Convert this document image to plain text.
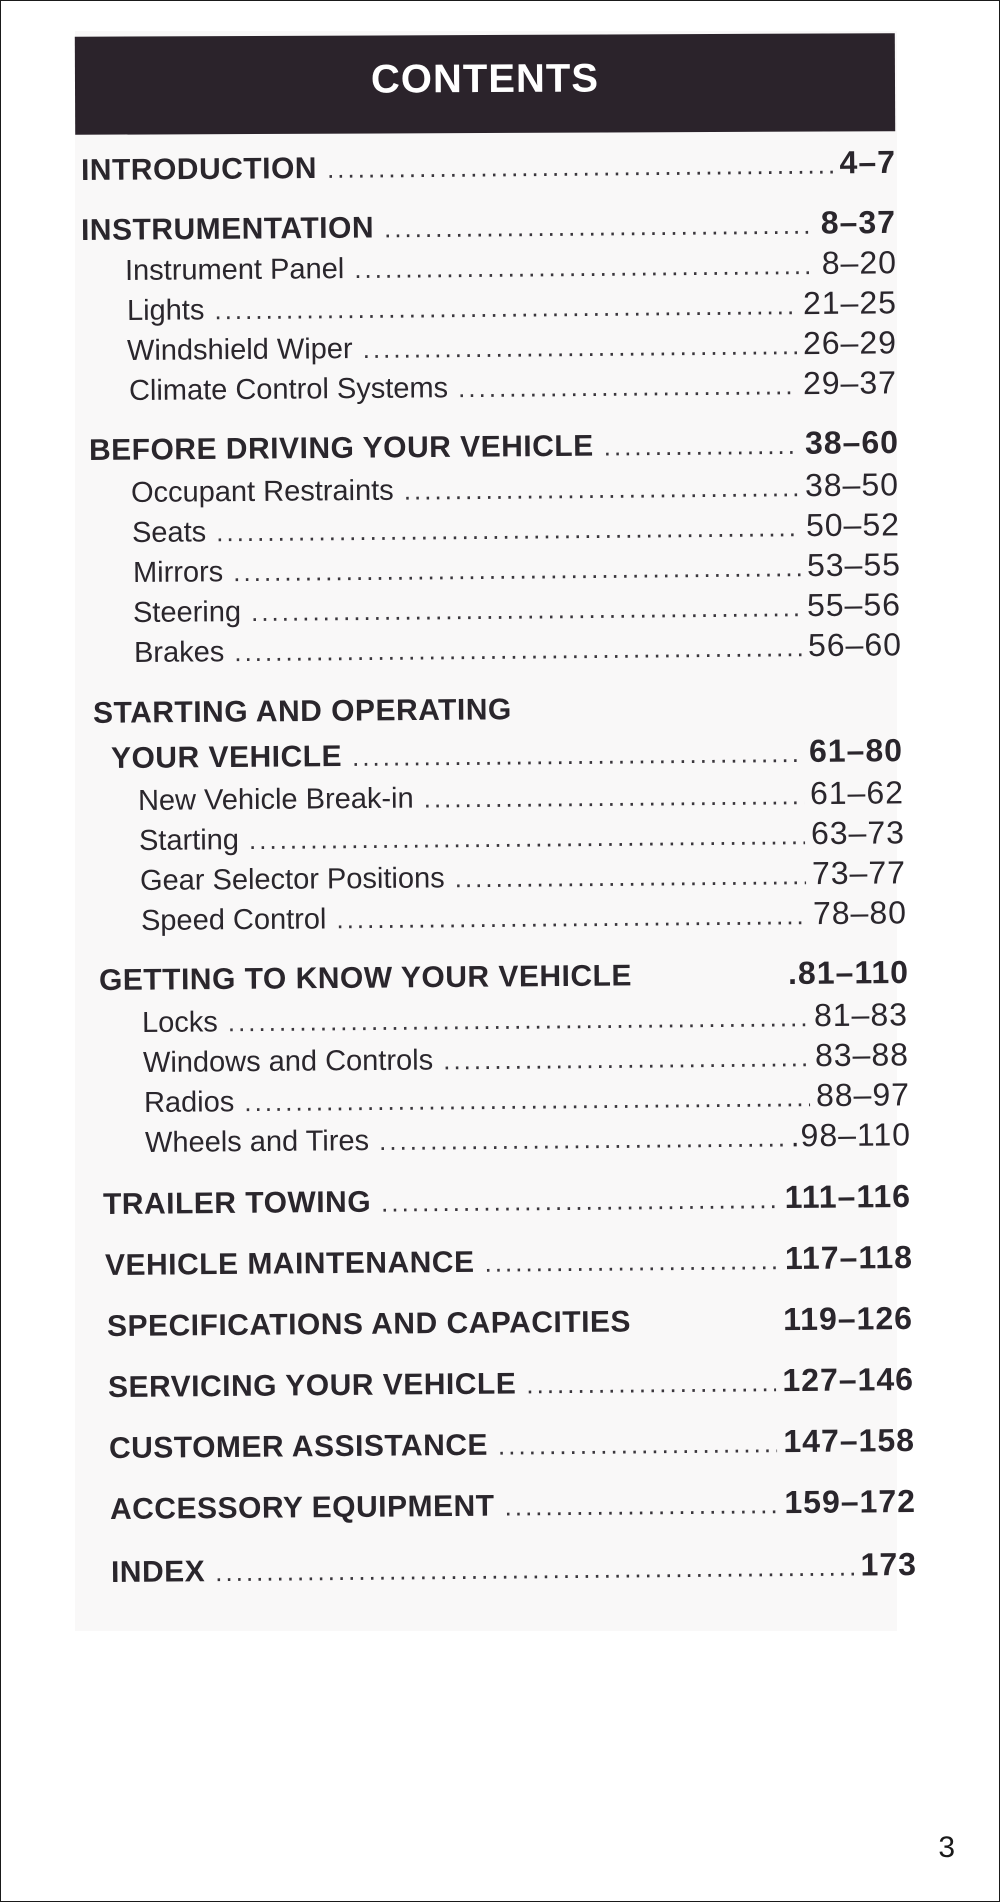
CONTENTS
INTRODUCTION .....	4–7
INSTRUMENTATION .....	8–37
Instrument Panel .....	8–20
Lights .....	21–25
Windshield Wiper .....	26–29
Climate Control Systems .....	29–37
BEFORE DRIVING YOUR VEHICLE .....	38–60
Occupant Restraints .....	38–50
Seats .....	50–52
Mirrors .....	53–55
Steering .....	55–56
Brakes .....	56–60
STARTING AND OPERATING
YOUR VEHICLE .....	61–80
New Vehicle Break-in .....	61–62
Starting .....	63–73
Gear Selector Positions .....	73–77
Speed Control .....	78–80
GETTING TO KNOW YOUR VEHICLE	.81–110
Locks .....	81–83
Windows and Controls .....	83–88
Radios .....	88–97
Wheels and Tires .....	.98–110
TRAILER TOWING .....	111–116
VEHICLE MAINTENANCE .....	117–118
SPECIFICATIONS AND CAPACITIES	119–126
SERVICING YOUR VEHICLE .....	127–146
CUSTOMER ASSISTANCE .....	147–158
ACCESSORY EQUIPMENT .....	159–172
INDEX .....	173
3
